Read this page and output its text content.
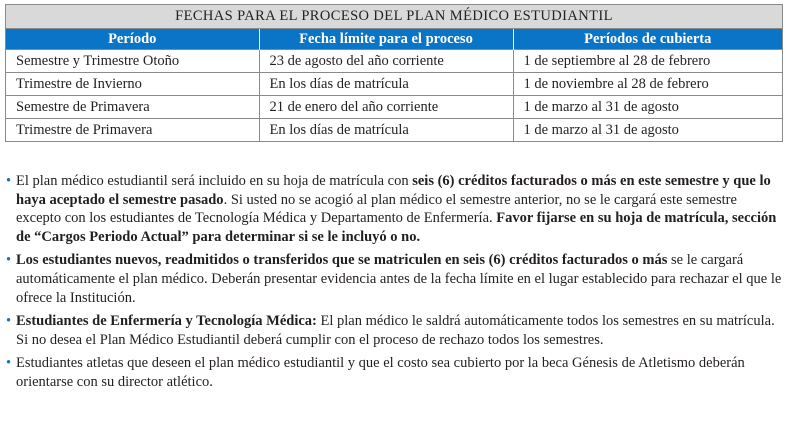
FECHAS PARA EL PROCESO DEL PLAN MÉDICO ESTUDIANTIL
Período	Fecha límite para el proceso	Períodos de cubierta
Semestre y Trimestre Otoño	23 de agosto del año corriente	1 de septiembre al 28 de febrero
Trimestre de Invierno	En los días de matrícula	1 de noviembre al 28 de febrero
Semestre de Primavera	21 de enero del año corriente	1 de marzo al 31 de agosto
Trimestre de Primavera	En los días de matrícula	1 de marzo al 31 de agosto
• El plan médico estudiantil será incluido en su hoja de matrícula con seis (6) créditos facturados o más en este semestre y que lo haya aceptado el semestre pasado. Si usted no se acogió al plan médico el semestre anterior, no se le cargará este semestre excepto con los estudiantes de Tecnología Médica y Departamento de Enfermería. Favor fijarse en su hoja de matrícula, sección de “Cargos Periodo Actual” para determinar si se le incluyó o no.
• Los estudiantes nuevos, readmitidos o transferidos que se matriculen en seis (6) créditos facturados o más se le cargará automáticamente el plan médico. Deberán presentar evidencia antes de la fecha límite en el lugar establecido para rechazar el que le ofrece la Institución.
• Estudiantes de Enfermería y Tecnología Médica: El plan médico le saldrá automáticamente todos los semestres en su matrícula. Si no desea el Plan Médico Estudiantil deberá cumplir con el proceso de rechazo todos los semestres.
• Estudiantes atletas que deseen el plan médico estudiantil y que el costo sea cubierto por la beca Génesis de Atletismo deberán orientarse con su director atlético.
